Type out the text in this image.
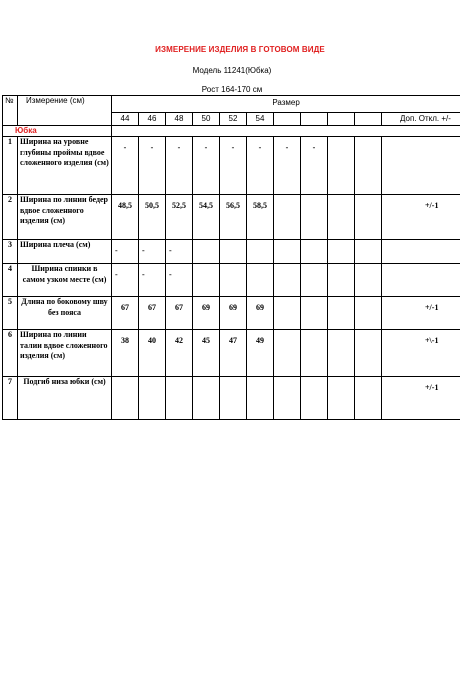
ИЗМЕРЕНИЕ ИЗДЕЛИЯ В ГОТОВОМ ВИДЕ
Модель 11241(Юбка)
Рост 164-170 см
№	Измерение (см)	Размер										
		44	46	48	50	52	54					Доп. Откл. +/-
Юбка												
1	Ширина на уровне глубины проймы вдвое сложенного изделия (см)	-	-	-	-	-	-	-	-			
2	Ширина по линии бедер вдвое сложенного изделия (см)	48,5	50,5	52,5	54,5	56,5	58,5					+/-1
3	Ширина плеча (см)	-	-	-								
4	Ширина спинки в самом узком месте (см)	-	-	-								
5	Длина по боковому шву без пояса	67	67	67	69	69	69					+/-1
6	Ширина по линии талии вдвое сложенного изделия (см)	38	40	42	45	47	49					+\-1
7	Подгиб низа юбки (см)											+/-1
